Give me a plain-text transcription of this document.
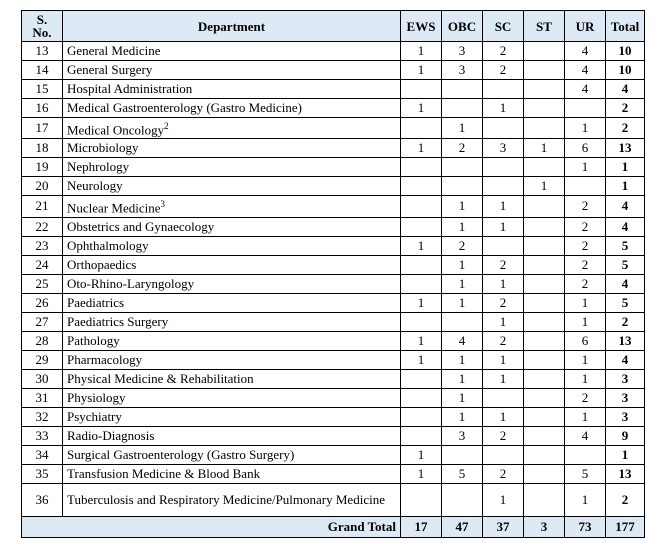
S.
No.	Department	EWS	OBC	SC	ST	UR	Total
13	General Medicine	1	3	2		4	10
14	General Surgery	1	3	2		4	10
15	Hospital Administration					4	4
16	Medical Gastroenterology (Gastro Medicine)	1		1			2
17	Medical Oncology$^2$		1			1	2
18	Microbiology	1	2	3	1	6	13
19	Nephrology					1	1
20	Neurology				1		1
21	Nuclear Medicine$^3$		1	1		2	4
22	Obstetrics and Gynaecology		1	1		2	4
23	Ophthalmology	1	2			2	5
24	Orthopaedics		1	2		2	5
25	Oto-Rhino-Laryngology		1	1		2	4
26	Paediatrics	1	1	2		1	5
27	Paediatrics Surgery			1		1	2
28	Pathology	1	4	2		6	13
29	Pharmacology	1	1	1		1	4
30	Physical Medicine & Rehabilitation		1	1		1	3
31	Physiology		1			2	3
32	Psychiatry		1	1		1	3
33	Radio-Diagnosis		3	2		4	9
34	Surgical Gastroenterology (Gastro Surgery)	1					1
35	Transfusion Medicine & Blood Bank	1	5	2		5	13
36	Tuberculosis and Respiratory Medicine/Pulmonary Medicine			1		1	2
Grand Total		17	47	37	3	73	177
